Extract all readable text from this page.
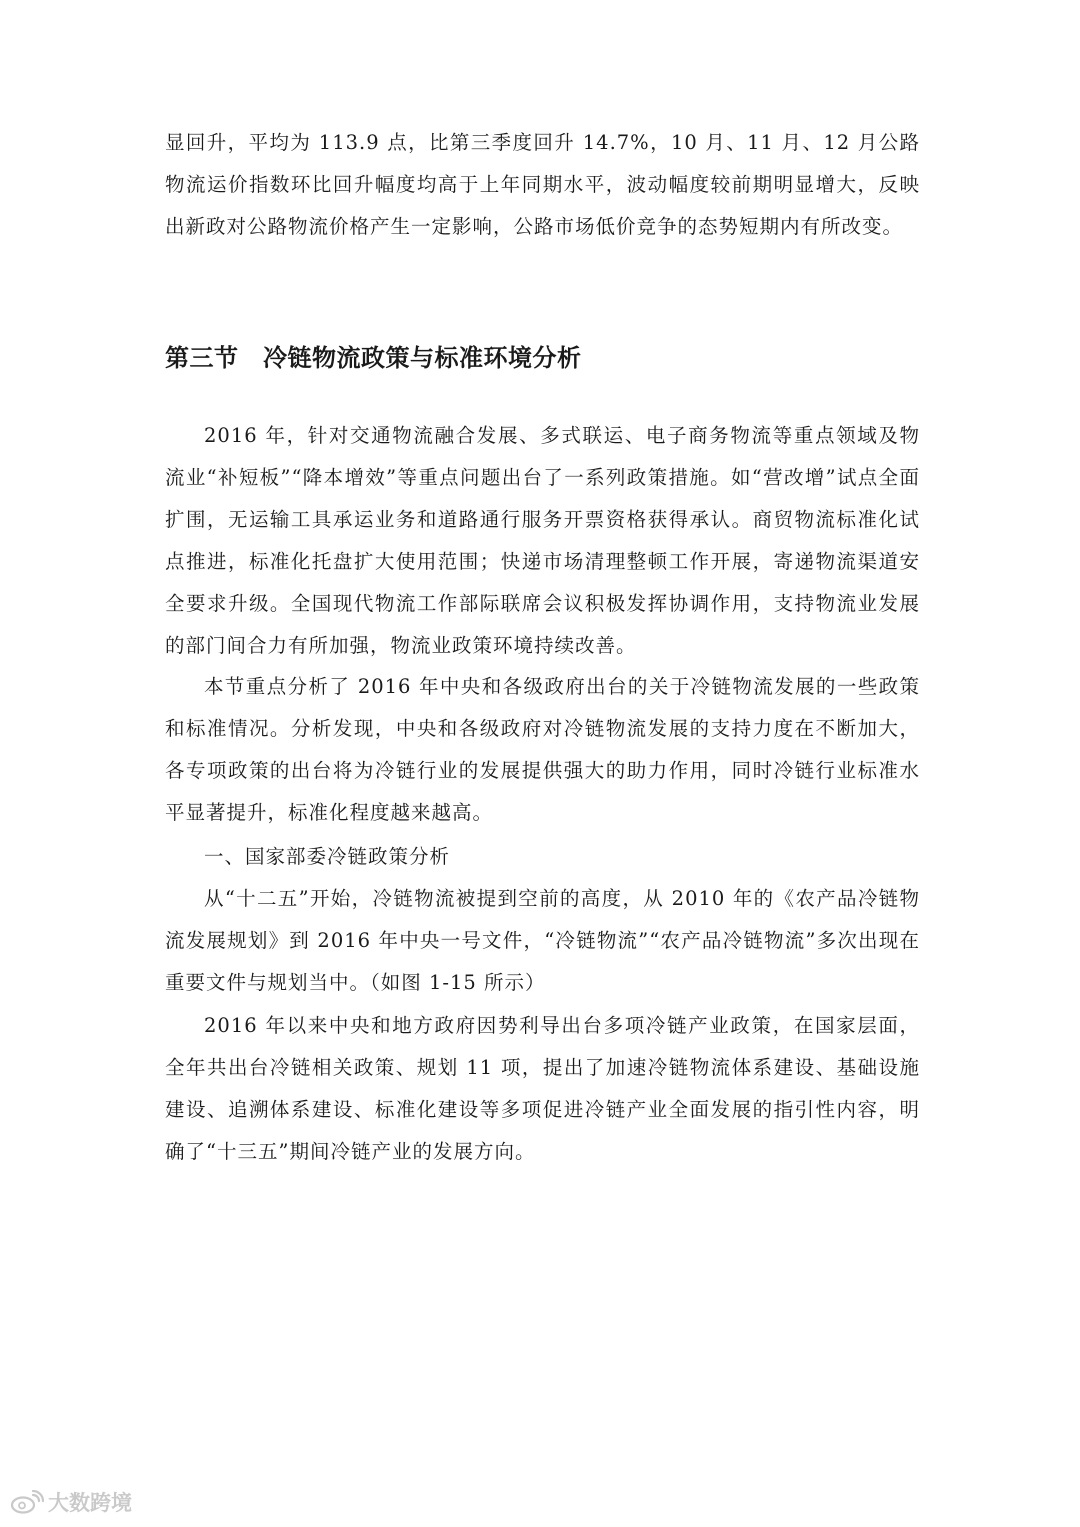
显回升，平均为 113.9 点，比第三季度回升 14.7%，10 月、11 月、12 月公路物流运价指数环比回升幅度均高于上年同期水平，波动幅度较前期明显增大，反映出新政对公路物流价格产生一定影响，公路市场低价竞争的态势短期内有所改变。

第三节　冷链物流政策与标准环境分析

2016 年，针对交通物流融合发展、多式联运、电子商务物流等重点领域及物流业“补短板”“降本增效”等重点问题出台了一系列政策措施。如“营改增”试点全面扩围，无运输工具承运业务和道路通行服务开票资格获得承认。商贸物流标准化试点推进，标准化托盘扩大使用范围；快递市场清理整顿工作开展，寄递物流渠道安全要求升级。全国现代物流工作部际联席会议积极发挥协调作用，支持物流业发展的部门间合力有所加强，物流业政策环境持续改善。

本节重点分析了 2016 年中央和各级政府出台的关于冷链物流发展的一些政策和标准情况。分析发现，中央和各级政府对冷链物流发展的支持力度在不断加大，各专项政策的出台将为冷链行业的发展提供强大的助力作用，同时冷链行业标准水平显著提升，标准化程度越来越高。

一、国家部委冷链政策分析

从“十二五”开始，冷链物流被提到空前的高度，从 2010 年的《农产品冷链物流发展规划》到 2016 年中央一号文件，“冷链物流”“农产品冷链物流”多次出现在重要文件与规划当中。（如图 1-15 所示）

2016 年以来中央和地方政府因势利导出台多项冷链产业政策，在国家层面，全年共出台冷链相关政策、规划 11 项，提出了加速冷链物流体系建设、基础设施建设、追溯体系建设、标准化建设等多项促进冷链产业全面发展的指引性内容，明确了“十三五”期间冷链产业的发展方向。

大数跨境
